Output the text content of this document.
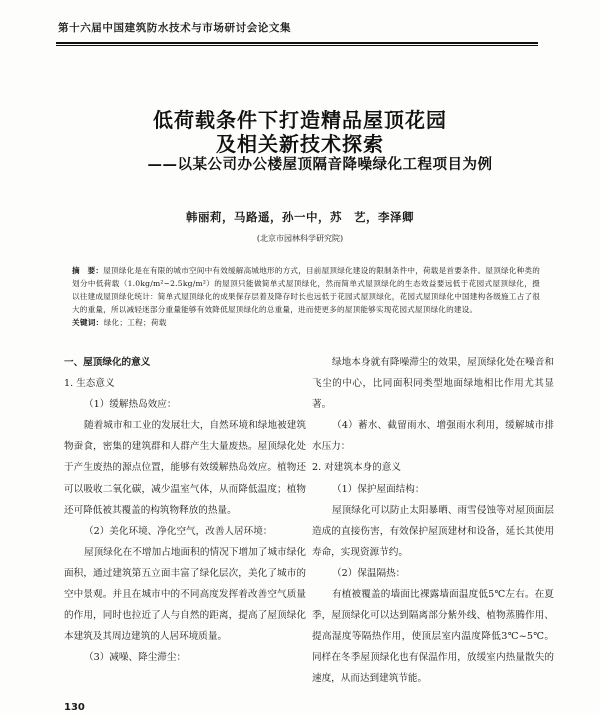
第十六届中国建筑防水技术与市场研讨会论文集
低荷载条件下打造精品屋顶花园
及相关新技术探索
——以某公司办公楼屋顶隔音降噪绿化工程项目为例
韩丽莉，马路遥，孙一中，苏　艺，李泽卿
(北京市园林科学研究院)
摘　要：屋顶绿化是在有限的城市空间中有效缓解高城地形的方式，目前屋顶绿化建设的限制条件中，荷载是首要条件。屋顶绿化种类的划分中低荷载（1.0kg/m²~2.5kg/m²）的屋顶只能做简单式屋顶绿化，然而简单式屋顶绿化的生态效益要远低于花园式屋顶绿化，摄以往建成屋顶绿化统计：简单式屋顶绿化的成果保存层着及降存时长也远低于花园式屋顶绿化，花园式屋顶绿化中国建构各级施工占了很大的重量，所以减轻迷部分重量能够有效降低屋顶绿化的总重量，进而使更多的屋顶能够实现花园式屋顶绿化的建设。
关键词：绿化；工程；荷载

一、屋顶绿化的意义

1. 生态意义

（1）缓解热岛效应：

随着城市和工业的发展壮大，自然环境和绿地被建筑物蚕食，密集的建筑群和人群产生大量废热。屋顶绿化处于产生废热的源点位置，能够有效缓解热岛效应。植物还可以吸收二氧化碳，减少温室气体，从而降低温度；植物还可降低被其覆盖的构筑物释放的热量。

（2）美化环境、净化空气，改善人居环境：

屋顶绿化在不增加占地面积的情况下增加了城市绿化面积，通过建筑第五立面丰富了绿化层次，美化了城市的空中景观。并且在城市中的不同高度发挥着改善空气质量的作用，同时也拉近了人与自然的距离，提高了屋顶绿化本建筑及其周边建筑的人居环境质量。

（3）减噪、降尘滞尘：

绿地本身就有降噪滞尘的效果，屋顶绿化处在噪音和飞尘的中心，比同面积同类型地面绿地相比作用尤其显著。

（4）蓄水、截留雨水、增强雨水利用，缓解城市排水压力：

2. 对建筑本身的意义

（1）保护屋面结构：

屋顶绿化可以防止太阳暴晒、雨雪侵蚀等对屋顶面层造成的直接伤害，有效保护屋顶建材和设备，延长其使用寿命，实现资源节约。

（2）保温隔热：

有植被覆盖的墙面比裸露墙面温度低5℃左右。在夏季，屋顶绿化可以达到隔离部分紫外线、植物蒸腾作用、提高湿度等隔热作用，使顶层室内温度降低3℃~5℃。同样在冬季屋顶绿化也有保温作用，放缓室内热量散失的速度，从而达到建筑节能。

130
